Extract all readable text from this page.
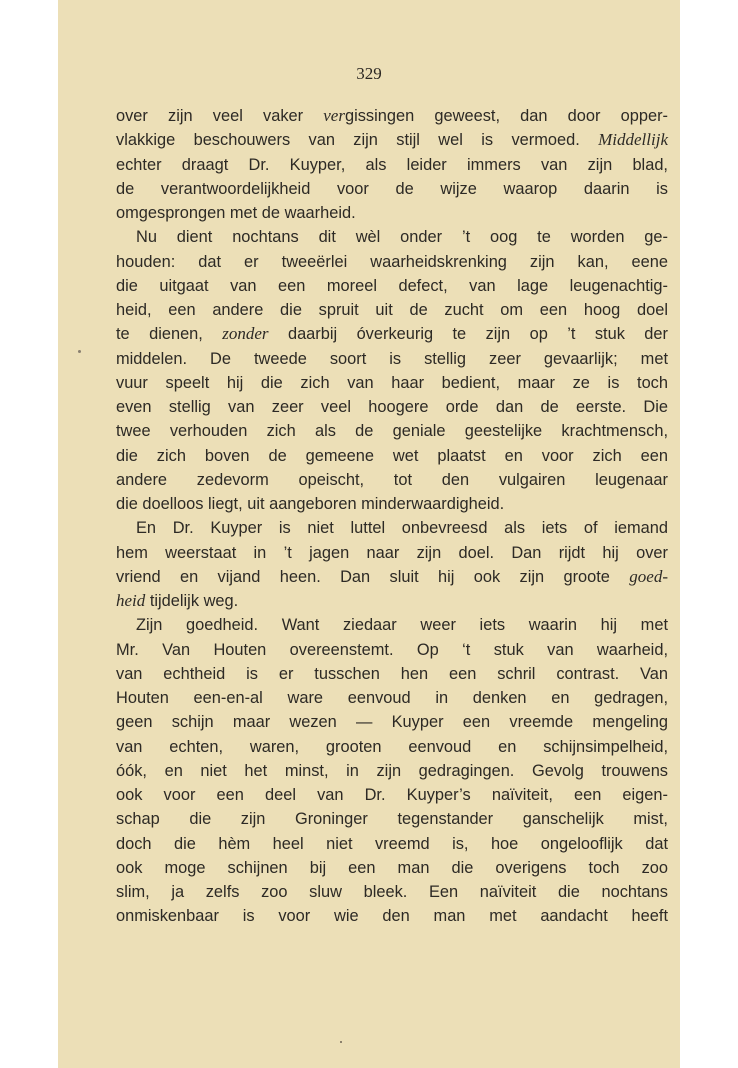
329

over zijn veel vaker vergissingen geweest, dan door opper-
vlakkige beschouwers van zijn stijl wel is vermoed. Middellijk
echter draagt Dr. Kuyper, als leider immers van zijn blad,
de verantwoordelijkheid voor de wijze waarop daarin is
omgesprongen met de waarheid.
Nu dient nochtans dit wèl onder ’t oog te worden ge-
houden: dat er tweeërlei waarheidskrenking zijn kan, eene
die uitgaat van een moreel defect, van lage leugenachtig-
heid, een andere die spruit uit de zucht om een hoog doel
te dienen, zonder daarbij óverkeurig te zijn op ’t stuk der
middelen. De tweede soort is stellig zeer gevaarlijk; met
vuur speelt hij die zich van haar bedient, maar ze is toch
even stellig van zeer veel hoogere orde dan de eerste. Die
twee verhouden zich als de geniale geestelijke krachtmensch,
die zich boven de gemeene wet plaatst en voor zich een
andere zedevorm opeischt, tot den vulgairen leugenaar
die doelloos liegt, uit aangeboren minderwaardigheid.
En Dr. Kuyper is niet luttel onbevreesd als iets of iemand
hem weerstaat in ’t jagen naar zijn doel. Dan rijdt hij over
vriend en vijand heen. Dan sluit hij ook zijn groote goed-
heid tijdelijk weg.
Zijn goedheid. Want ziedaar weer iets waarin hij met
Mr. Van Houten overeenstemt. Op ‘t stuk van waarheid,
van echtheid is er tusschen hen een schril contrast. Van
Houten een-en-al ware eenvoud in denken en gedragen,
geen schijn maar wezen — Kuyper een vreemde mengeling
van echten, waren, grooten eenvoud en schijnsimpelheid,
óók, en niet het minst, in zijn gedragingen. Gevolg trouwens
ook voor een deel van Dr. Kuyper’s naïviteit, een eigen-
schap die zijn Groninger tegenstander ganschelijk mist,
doch die hèm heel niet vreemd is, hoe ongelooflijk dat
ook moge schijnen bij een man die overigens toch zoo
slim, ja zelfs zoo sluw bleek. Een naïviteit die nochtans
onmiskenbaar is voor wie den man met aandacht heeft
